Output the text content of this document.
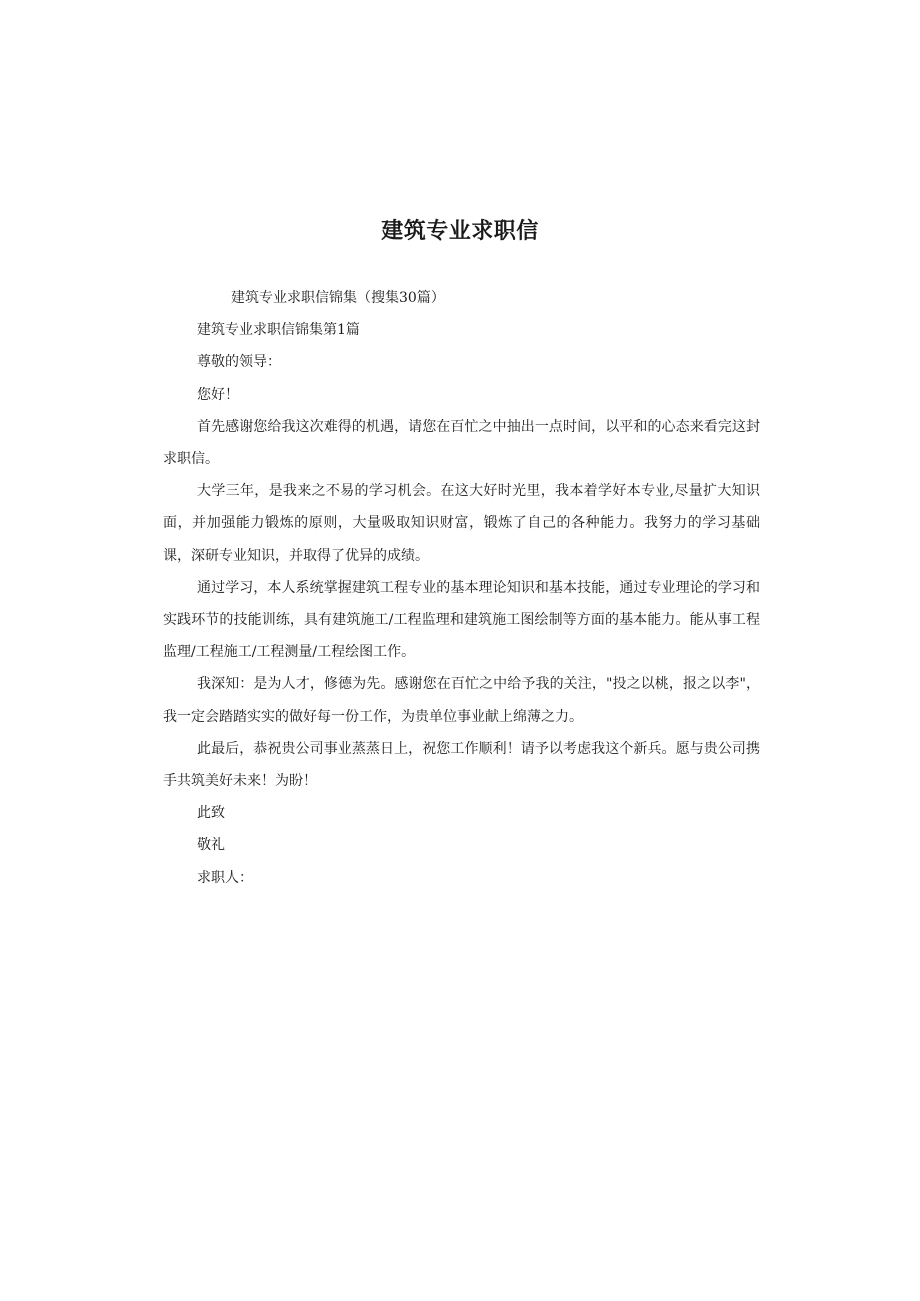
建筑专业求职信

建筑专业求职信锦集（搜集30篇）

建筑专业求职信锦集第1篇

尊敬的领导：

您好！

首先感谢您给我这次难得的机遇，请您在百忙之中抽出一点时间，以平和的心态来看完这封求职信。

大学三年，是我来之不易的学习机会。在这大好时光里，我本着学好本专业,尽量扩大知识面，并加强能力锻炼的原则，大量吸取知识财富，锻炼了自己的各种能力。我努力的学习基础课，深研专业知识，并取得了优异的成绩。

通过学习，本人系统掌握建筑工程专业的基本理论知识和基本技能，通过专业理论的学习和实践环节的技能训练，具有建筑施工/工程监理和建筑施工图绘制等方面的基本能力。能从事工程监理/工程施工/工程测量/工程绘图工作。

我深知：是为人才，修德为先。感谢您在百忙之中给予我的关注，"投之以桃，报之以李"，我一定会踏踏实实的做好每一份工作，为贵单位事业献上绵薄之力。

此最后，恭祝贵公司事业蒸蒸日上，祝您工作顺利！请予以考虑我这个新兵。愿与贵公司携手共筑美好未来！为盼！

此致

敬礼

求职人：
